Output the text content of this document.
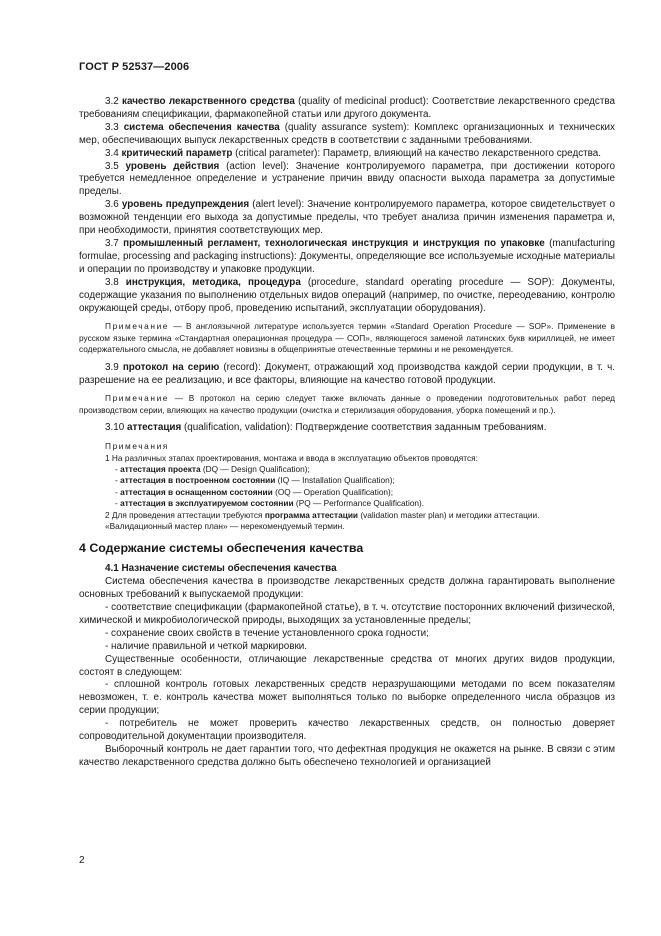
ГОСТ Р 52537—2006

3.2 качество лекарственного средства (quality of medicinal product): Соответствие лекарственного средства требованиям спецификации, фармакопейной статьи или другого документа.

3.3 система обеспечения качества (quality assurance system): Комплекс организационных и технических мер, обеспечивающих выпуск лекарственных средств в соответствии с заданными требованиями.

3.4 критический параметр (critical parameter): Параметр, влияющий на качество лекарственного средства.

3.5 уровень действия (action level): Значение контролируемого параметра, при достижении которого требуется немедленное определение и устранение причин ввиду опасности выхода параметра за допустимые пределы.

3.6 уровень предупреждения (alert level): Значение контролируемого параметра, которое свидетельствует о возможной тенденции его выхода за допустимые пределы, что требует анализа причин изменения параметра и, при необходимости, принятия соответствующих мер.

3.7 промышленный регламент, технологическая инструкция и инструкция по упаковке (manufacturing formulae, processing and packaging instructions): Документы, определяющие все используемые исходные материалы и операции по производству и упаковке продукции.

3.8 инструкция, методика, процедура (procedure, standard operating procedure — SOP): Документы, содержащие указания по выполнению отдельных видов операций (например, по очистке, переодеванию, контролю окружающей среды, отбору проб, проведению испытаний, эксплуатации оборудования).

Примечание — В англоязычной литературе используется термин «Standard Operation Procedure — SOP». Применение в русском языке термина «Стандартная операционная процедура — СОП», являющегося заменой латинских букв кириллицей, не имеет содержательного смысла, не добавляет новизны в общепринятые отечественные термины и не рекомендуется.

3.9 протокол на серию (record): Документ, отражающий ход производства каждой серии продукции, в т. ч. разрешение на ее реализацию, и все факторы, влияющие на качество готовой продукции.

Примечание — В протокол на серию следует также включать данные о проведении подготовительных работ перед производством серии, влияющих на качество продукции (очистка и стерилизация оборудования, уборка помещений и пр.).

3.10 аттестация (qualification, validation): Подтверждение соответствия заданным требованиям.

Примечания

1 На различных этапах проектирования, монтажа и ввода в эксплуатацию объектов проводятся:

- аттестация проекта (DQ — Design Qualification);

- аттестация в построенном состоянии (IQ — Installation Qualification);

- аттестация в оснащенном состоянии (OQ — Operation Qualification);

- аттестация в эксплуатируемом состоянии (PQ — Performance Qualification).

2 Для проведения аттестации требуются программа аттестации (validation master plan) и методики аттестации.

«Валидационный мастер план» — нерекомендуемый термин.

4 Содержание системы обеспечения качества

4.1 Назначение системы обеспечения качества

Система обеспечения качества в производстве лекарственных средств должна гарантировать выполнение основных требований к выпускаемой продукции:

- соответствие спецификации (фармакопейной статье), в т. ч. отсутствие посторонних включений физической, химической и микробиологической природы, выходящих за установленные пределы;

- сохранение своих свойств в течение установленного срока годности;

- наличие правильной и четкой маркировки.

Существенные особенности, отличающие лекарственные средства от многих других видов продукции, состоят в следующем:

- сплошной контроль готовых лекарственных средств неразрушающими методами по всем показателям невозможен, т. е. контроль качества может выполняться только по выборке определенного числа образцов из серии продукции;

- потребитель не может проверить качество лекарственных средств, он полностью доверяет сопроводительной документации производителя.

Выборочный контроль не дает гарантии того, что дефектная продукция не окажется на рынке. В связи с этим качество лекарственного средства должно быть обеспечено технологией и организацией

2
